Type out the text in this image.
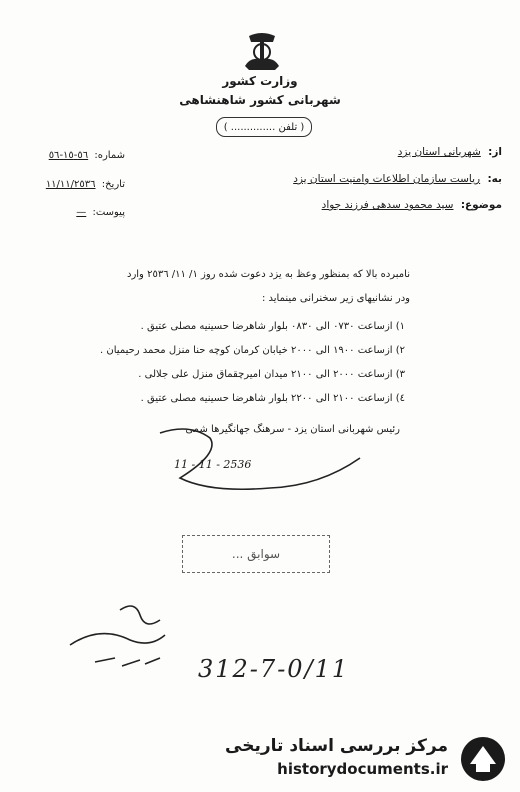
وزارت كشور
شهربانى كشور شاهنشاهى
( تلفن .............. )
شماره: ٥٦-١٥-٥٦
تاريخ: ١١/١١/٢٥٣٦
پيوست: —
از: شهربانى استان يزد
به: رياست سازمان اطلاعات وامنيت استان يزد
موضوع: سيد محمود سدهى فرزند جواد
نامبرده بالا كه بمنظور وعظ به يزد دعوت شده روز ١/ ١١/ ٢٥٣٦ وارد
ودر نشانيهاى زير سخنرانى مينمايد :
١) ازساعت ٠٧٣٠ الى ٠٨٣٠ بلوار شاهرضا حسينيه مصلى عتيق .
٢) ازساعت ١٩٠٠ الى ٢٠٠٠ خيابان كرمان كوچه حنا منزل محمد رحيميان .
٣) ازساعت ٢٠٠٠ الى ٢١٠٠ ميدان اميرچقماق منزل على جلالى .
٤) ازساعت ٢١٠٠ الى ٢٢٠٠ بلوار شاهرضا حسينيه مصلى عتيق .
رئيس شهربانى استان يزد - سرهنگ جهانگيرها شمى
11 - 11 - 2536
سوابق ...
312-7-0/11
مركز بررسى اسناد تاريخى
historydocuments.ir
